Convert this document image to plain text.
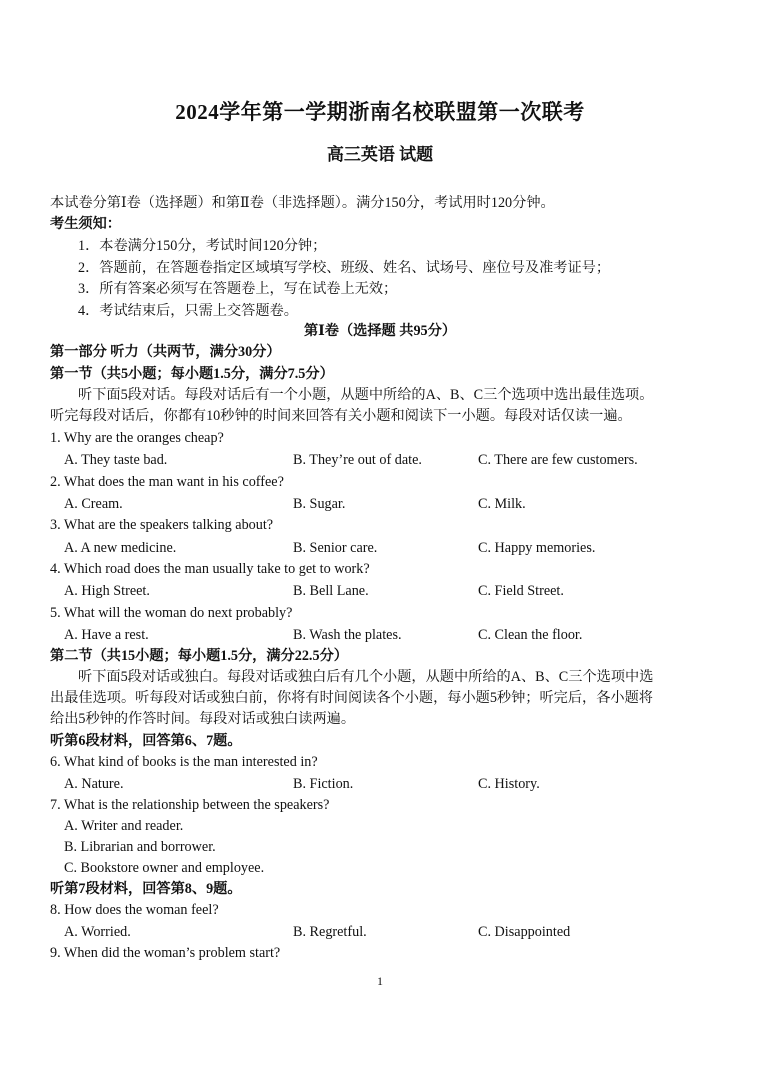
2024学年第一学期浙南名校联盟第一次联考
高三英语 试题
本试卷分第Ⅰ卷（选择题）和第Ⅱ卷（非选择题）。满分150分，考试用时120分钟。
考生须知：
1．本卷满分150分，考试时间120分钟；
2．答题前，在答题卷指定区域填写学校、班级、姓名、试场号、座位号及准考证号；
3．所有答案必须写在答题卷上，写在试卷上无效；
4．考试结束后，只需上交答题卷。
第Ⅰ卷（选择题 共95分）
第一部分 听力（共两节，满分30分）
第一节（共5小题；每小题1.5分，满分7.5分）
听下面5段对话。每段对话后有一个小题，从题中所给的A、B、C三个选项中选出最佳选项。
听完每段对话后，你都有10秒钟的时间来回答有关小题和阅读下一小题。每段对话仅读一遍。
1. Why are the oranges cheap?
A. They taste bad.	B. They’re out of date.	C. There are few customers.
2. What does the man want in his coffee?
A. Cream.	B. Sugar.	C. Milk.
3. What are the speakers talking about?
A. A new medicine.	B. Senior care.	C. Happy memories.
4. Which road does the man usually take to get to work?
A. High Street.	B. Bell Lane.	C. Field Street.
5. What will the woman do next probably?
A. Have a rest.	B. Wash the plates.	C. Clean the floor.
第二节（共15小题；每小题1.5分，满分22.5分）
听下面5段对话或独白。每段对话或独白后有几个小题，从题中所给的A、B、C三个选项中选
出最佳选项。听每段对话或独白前，你将有时间阅读各个小题，每小题5秒钟；听完后，各小题将
给出5秒钟的作答时间。每段对话或独白读两遍。
听第6段材料，回答第6、7题。
6. What kind of books is the man interested in?
A. Nature.	B. Fiction.	C. History.
7. What is the relationship between the speakers?
A. Writer and reader.
B. Librarian and borrower.
C. Bookstore owner and employee.
听第7段材料，回答第8、9题。
8. How does the woman feel?
A. Worried.	B. Regretful.	C. Disappointed
9. When did the woman’s problem start?
1
